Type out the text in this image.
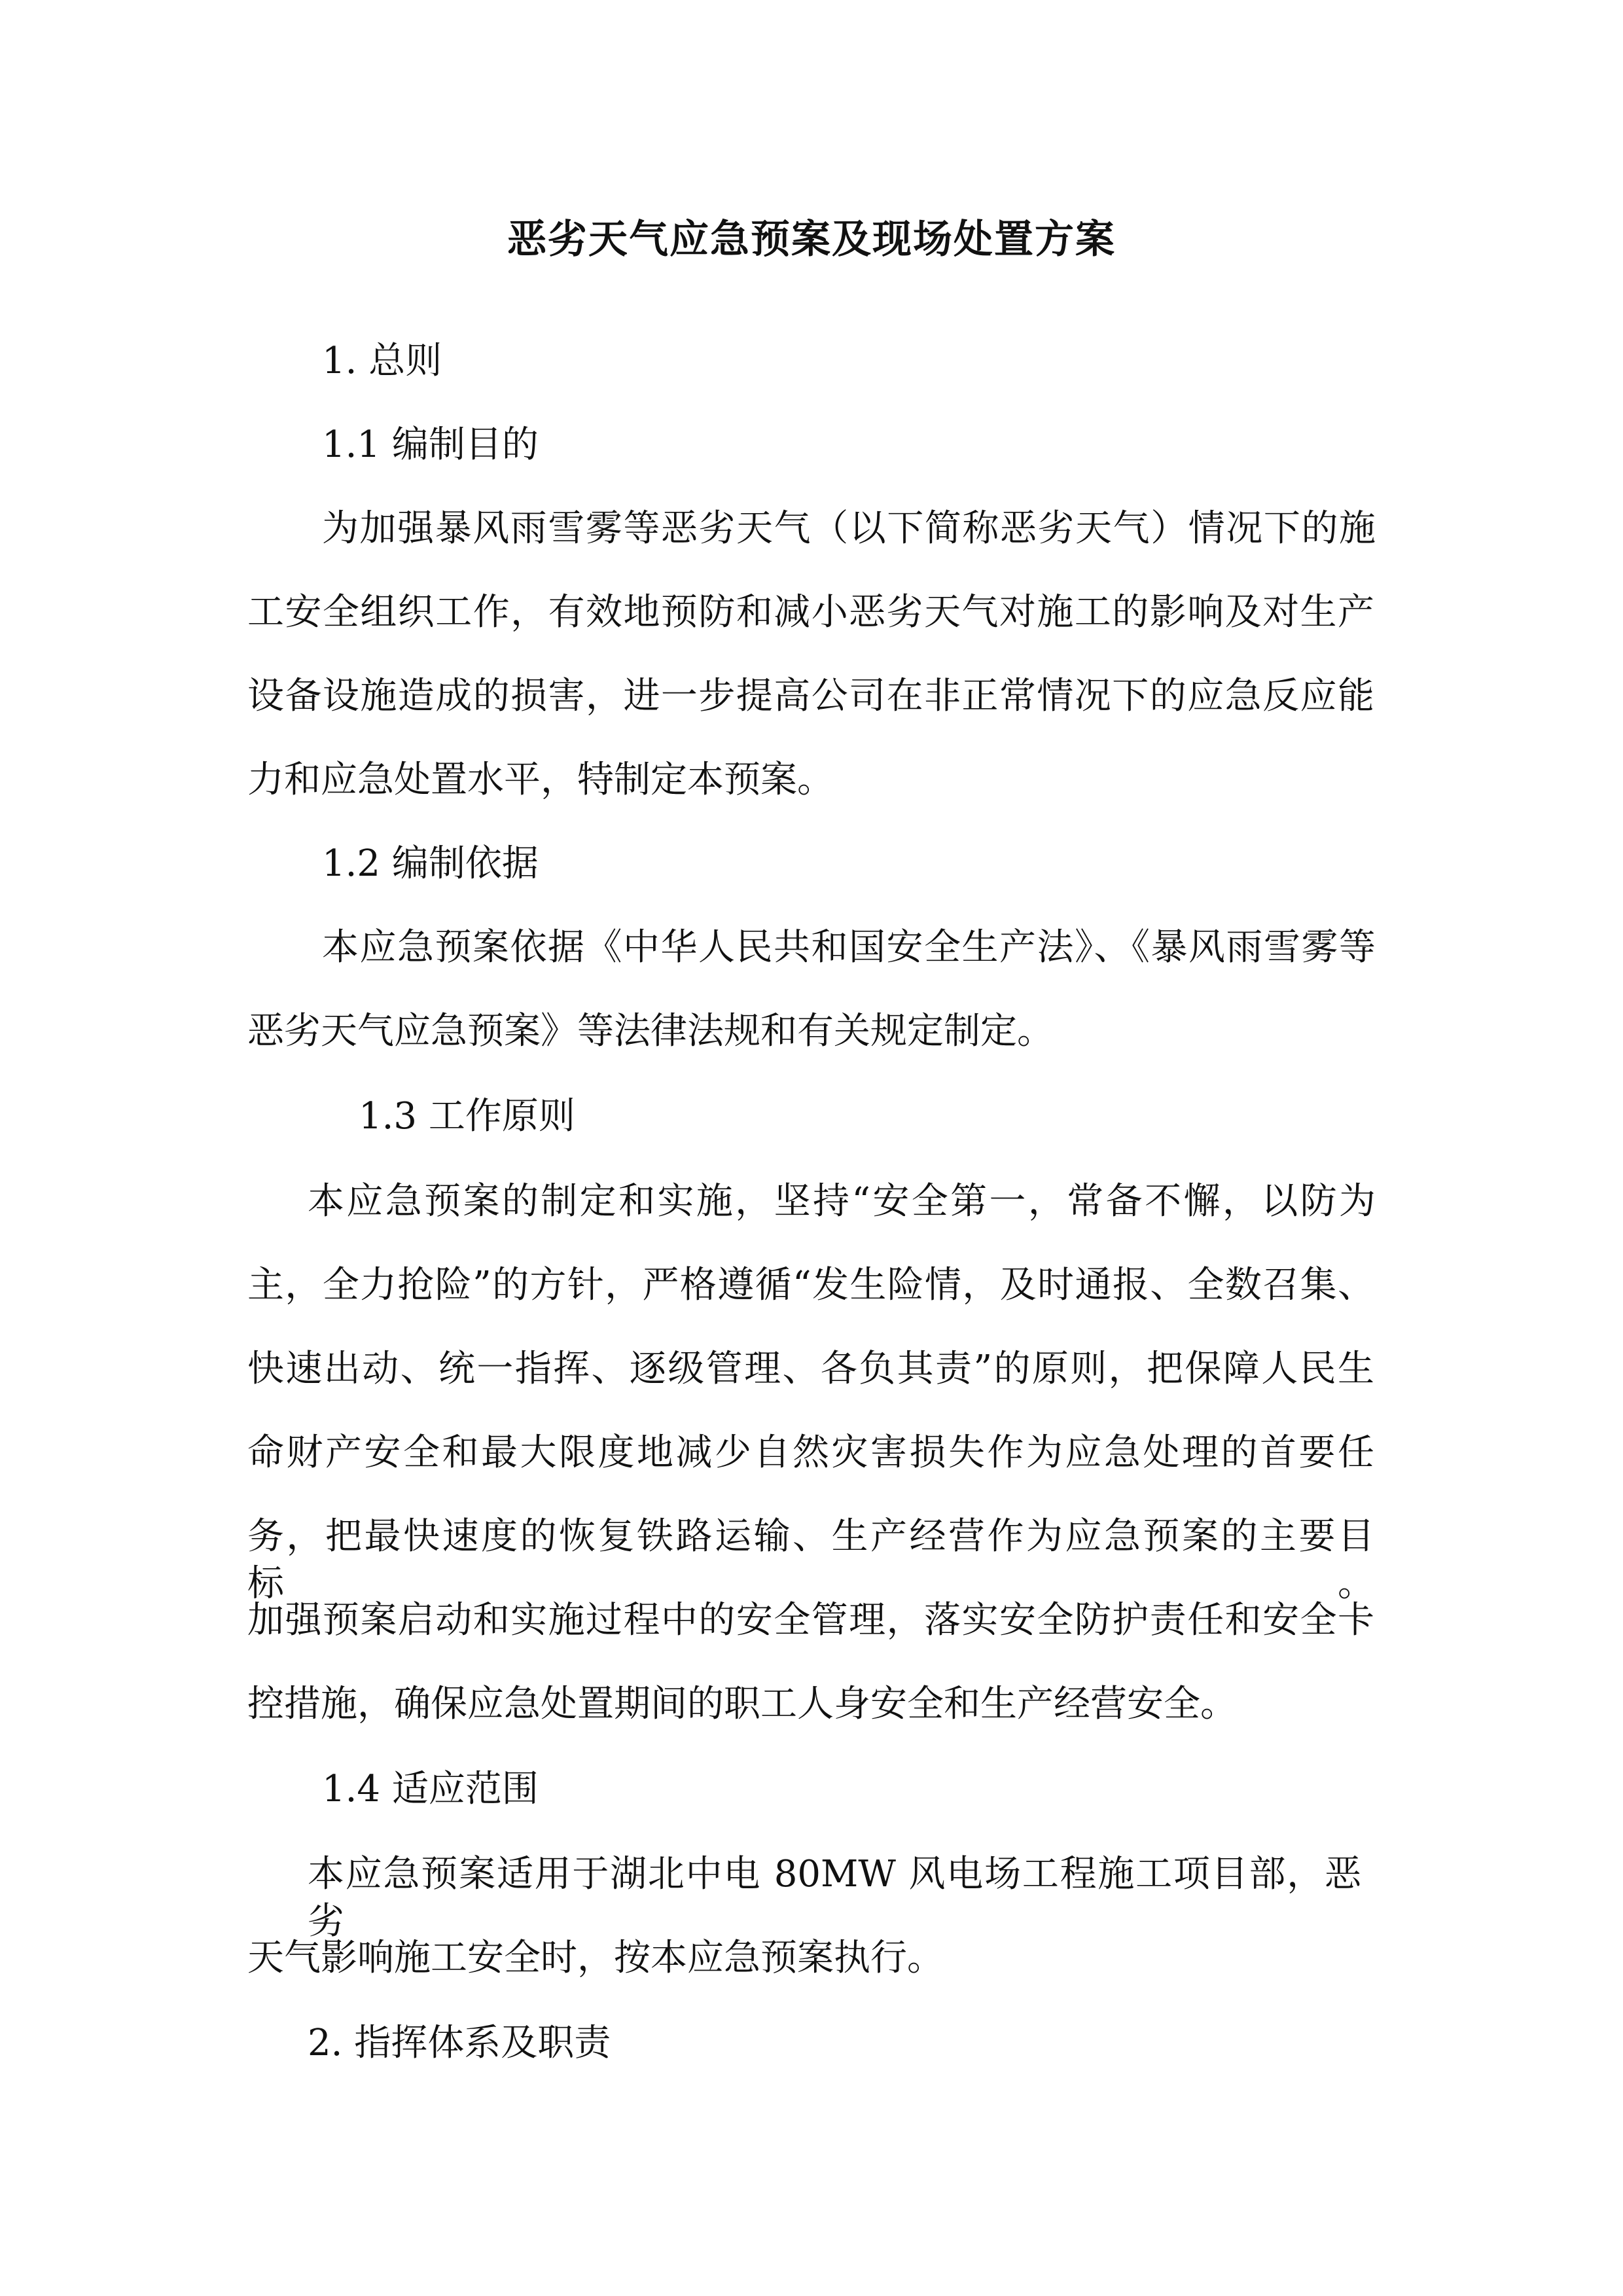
恶劣天气应急预案及现场处置方案

1. 总则

1.1 编制目的

为加强暴风雨雪雾等恶劣天气（以下简称恶劣天气）情况下的施

工安全组织工作，有效地预防和减小恶劣天气对施工的影响及对生产

设备设施造成的损害，进一步提高公司在非正常情况下的应急反应能

力和应急处置水平，特制定本预案。

1.2 编制依据

本应急预案依据《中华人民共和国安全生产法》、《暴风雨雪雾等

恶劣天气应急预案》等法律法规和有关规定制定。

1.3 工作原则

本应急预案的制定和实施，坚持“安全第一，常备不懈，以防为

主，全力抢险”的方针，严格遵循“发生险情，及时通报、全数召集、

快速出动、统一指挥、逐级管理、各负其责”的原则，把保障人民生

命财产安全和最大限度地减少自然灾害损失作为应急处理的首要任

务，把最快速度的恢复铁路运输、生产经营作为应急预案的主要目标。

加强预案启动和实施过程中的安全管理，落实安全防护责任和安全卡

控措施，确保应急处置期间的职工人身安全和生产经营安全。

1.4 适应范围

本应急预案适用于湖北中电 80MW 风电场工程施工项目部，恶劣

天气影响施工安全时，按本应急预案执行。

2. 指挥体系及职责
